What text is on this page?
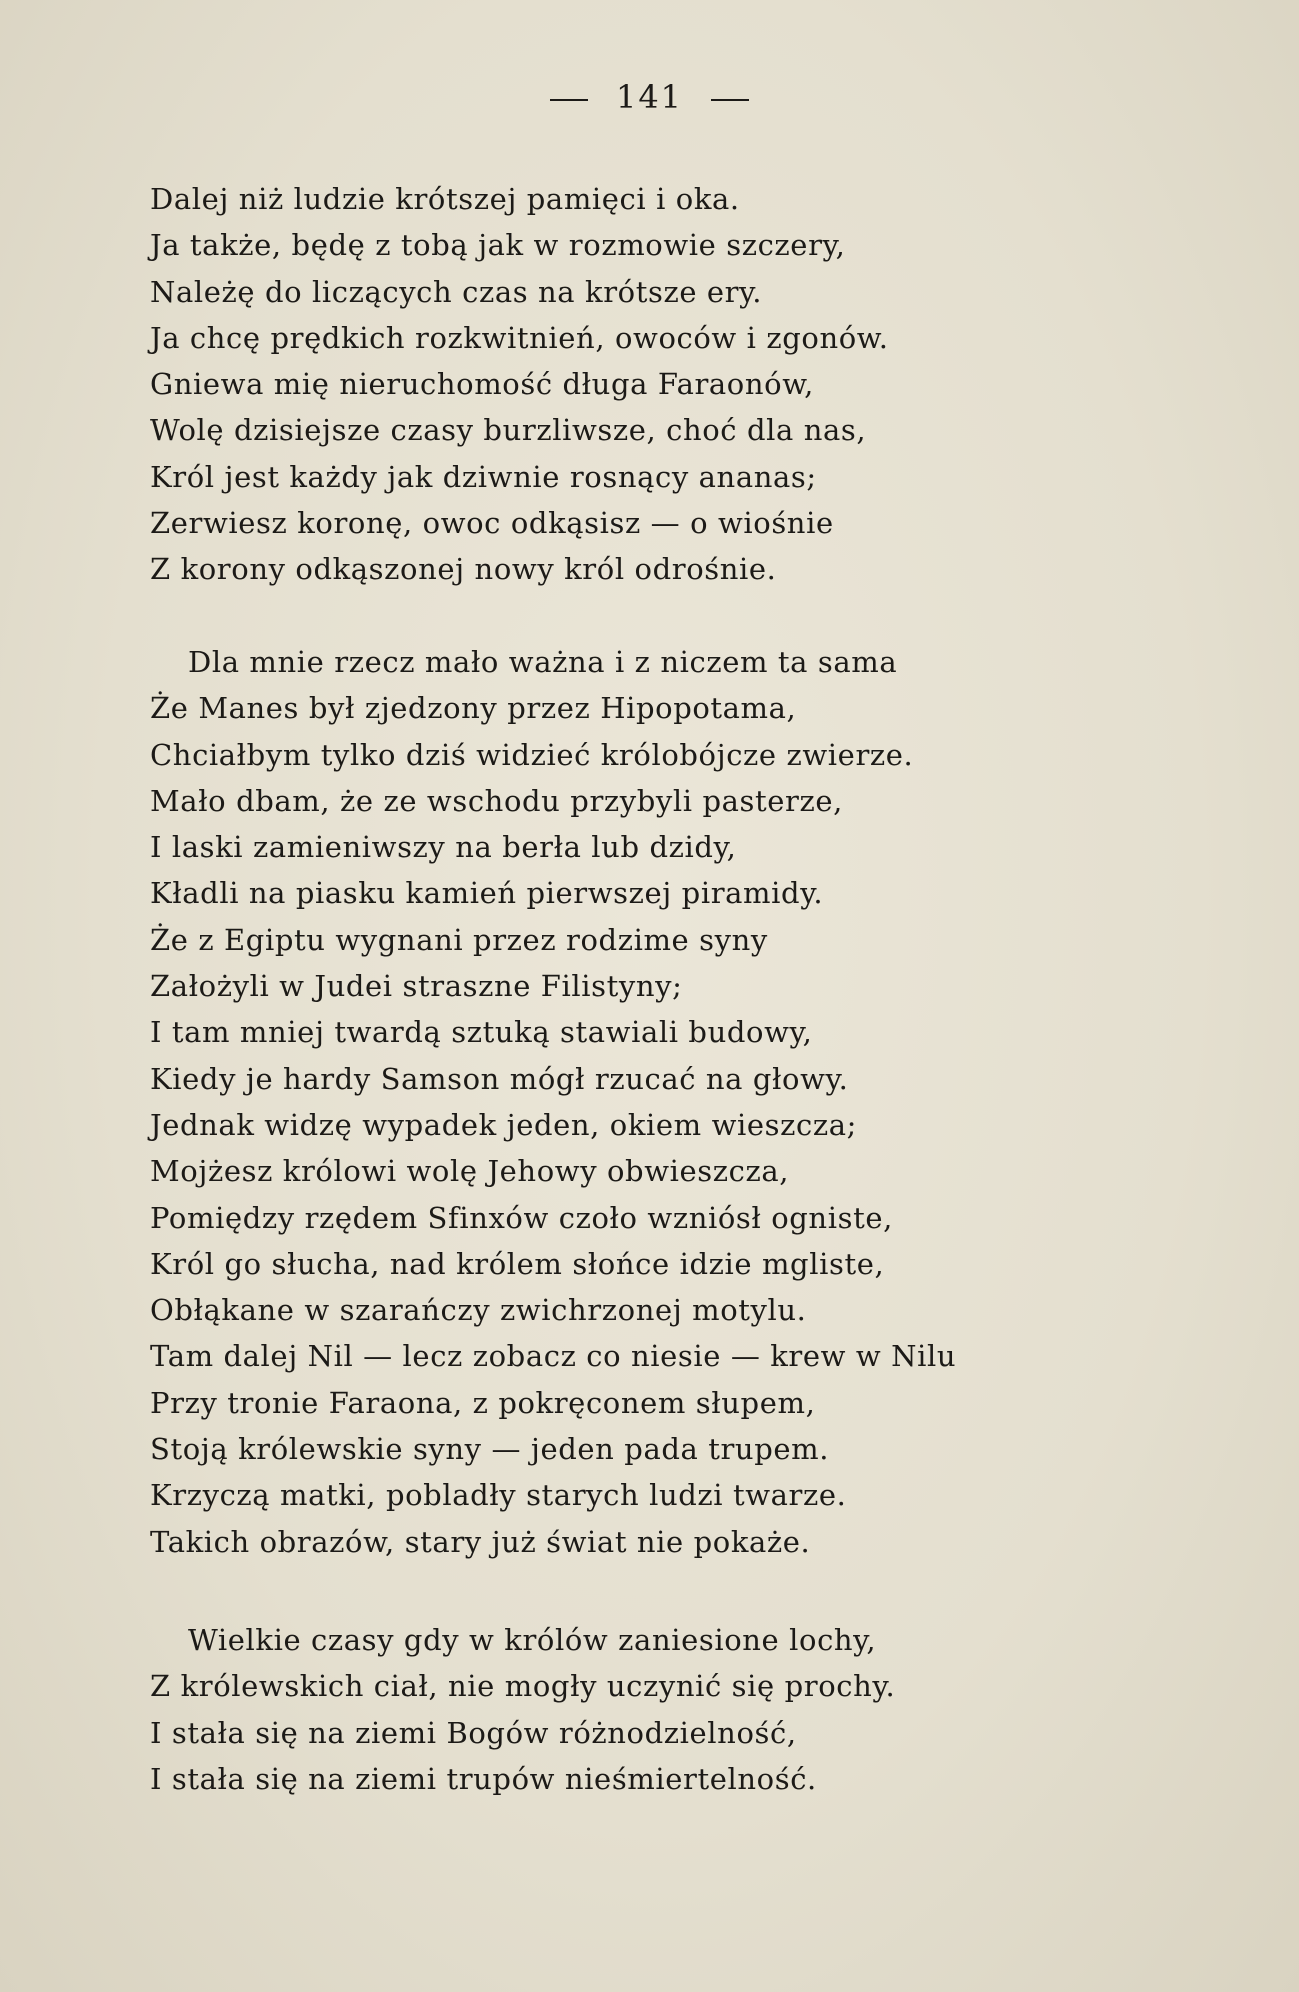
141
Dalej niż ludzie krótszej pamięci i oka.
Ja także, będę z tobą jak w rozmowie szczery,
Należę do liczących czas na krótsze ery.
Ja chcę prędkich rozkwitnień, owoców i zgonów.
Gniewa mię nieruchomość długa Faraonów,
Wolę dzisiejsze czasy burzliwsze, choć dla nas,
Król jest każdy jak dziwnie rosnący ananas;
Zerwiesz koronę, owoc odkąsisz — o wiośnie
Z korony odkąszonej nowy król odrośnie.
Dla mnie rzecz mało ważna i z niczem ta sama
Że Manes był zjedzony przez Hipopotama,
Chciałbym tylko dziś widzieć królobójcze zwierze.
Mało dbam, że ze wschodu przybyli pasterze,
I laski zamieniwszy na berła lub dzidy,
Kładli na piasku kamień pierwszej piramidy.
Że z Egiptu wygnani przez rodzime syny
Założyli w Judei straszne Filistyny;
I tam mniej twardą sztuką stawiali budowy,
Kiedy je hardy Samson mógł rzucać na głowy.
Jednak widzę wypadek jeden, okiem wieszcza;
Mojżesz królowi wolę Jehowy obwieszcza,
Pomiędzy rzędem Sfinxów czoło wzniósł ogniste,
Król go słucha, nad królem słońce idzie mgliste,
Obłąkane w szarańczy zwichrzonej motylu.
Tam dalej Nil — lecz zobacz co niesie — krew w Nilu
Przy tronie Faraona, z pokręconem słupem,
Stoją królewskie syny — jeden pada trupem.
Krzyczą matki, pobladły starych ludzi twarze.
Takich obrazów, stary już świat nie pokaże.
Wielkie czasy gdy w królów zaniesione lochy,
Z królewskich ciał, nie mogły uczynić się prochy.
I stała się na ziemi Bogów różnodzielność,
I stała się na ziemi trupów nieśmiertelność.
